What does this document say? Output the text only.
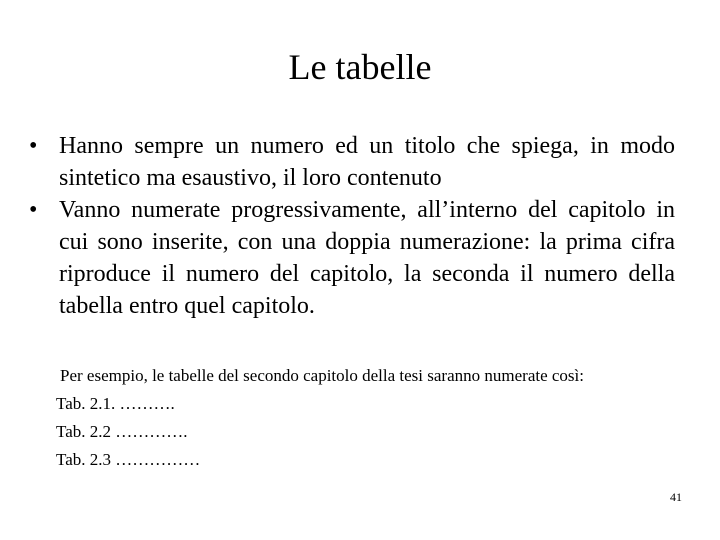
Le tabelle
• Hanno sempre un numero ed un titolo che spiega, in modo sintetico ma esaustivo, il loro contenuto
• Vanno numerate progressivamente, all’interno del capitolo in cui sono inserite, con una doppia numerazione: la prima cifra riproduce il numero del capitolo, la seconda il numero della tabella entro quel capitolo.
Per esempio, le tabelle del secondo capitolo della tesi saranno numerate così:
Tab. 2.1. ……….
Tab. 2.2 ………….
Tab. 2.3 ……………
41
